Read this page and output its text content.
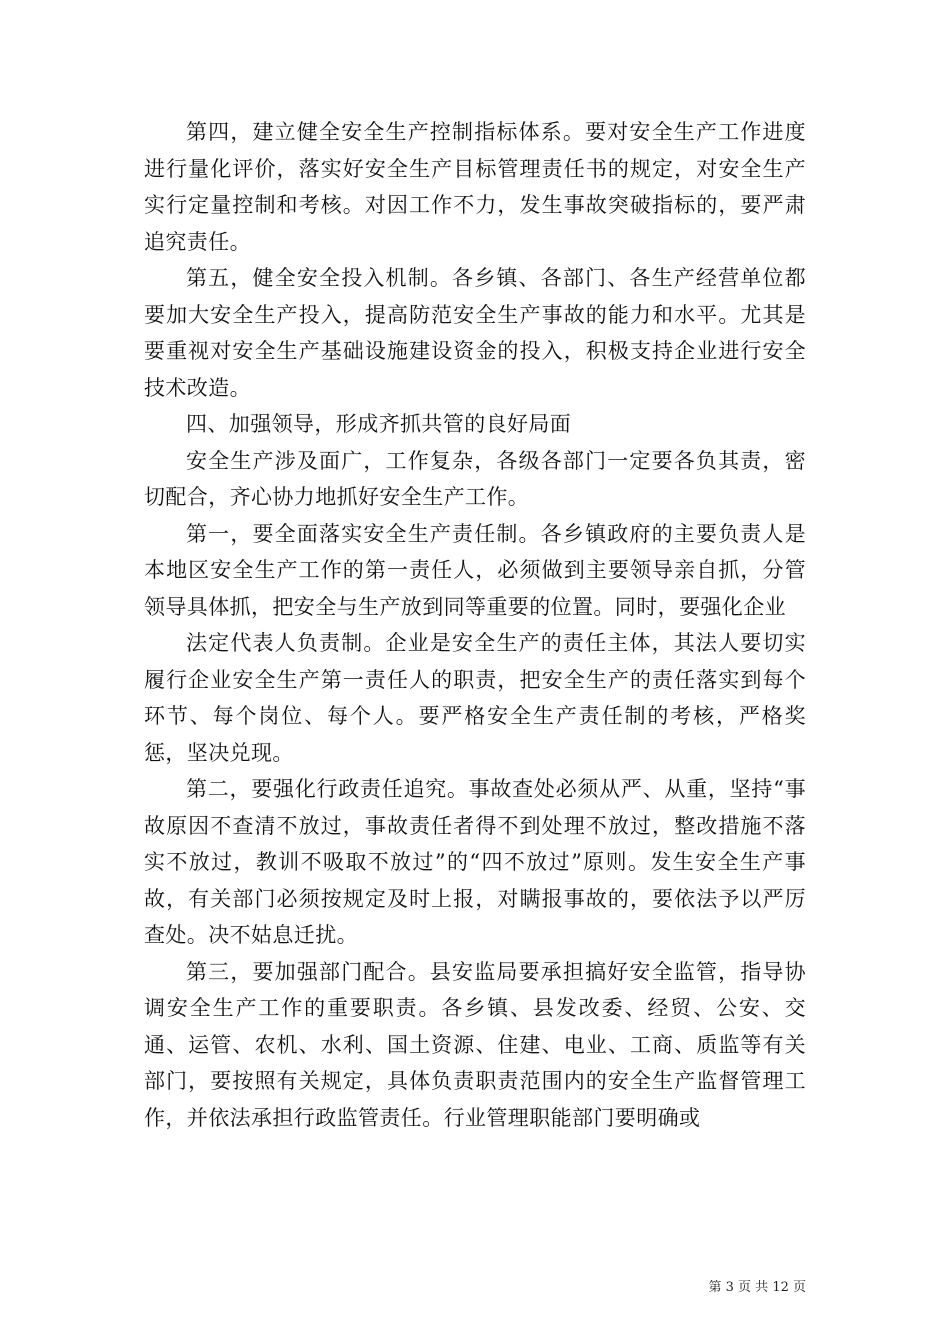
第四，建立健全安全生产控制指标体系。要对安全生产工作进度进行量化评价，落实好安全生产目标管理责任书的规定，对安全生产实行定量控制和考核。对因工作不力，发生事故突破指标的，要严肃追究责任。

第五，健全安全投入机制。各乡镇、各部门、各生产经营单位都要加大安全生产投入，提高防范安全生产事故的能力和水平。尤其是要重视对安全生产基础设施建设资金的投入，积极支持企业进行安全技术改造。

四、加强领导，形成齐抓共管的良好局面

安全生产涉及面广，工作复杂，各级各部门一定要各负其责，密切配合，齐心协力地抓好安全生产工作。

第一，要全面落实安全生产责任制。各乡镇政府的主要负责人是本地区安全生产工作的第一责任人，必须做到主要领导亲自抓，分管领导具体抓，把安全与生产放到同等重要的位置。同时，要强化企业

法定代表人负责制。企业是安全生产的责任主体，其法人要切实履行企业安全生产第一责任人的职责，把安全生产的责任落实到每个环节、每个岗位、每个人。要严格安全生产责任制的考核，严格奖惩，坚决兑现。

第二，要强化行政责任追究。事故查处必须从严、从重，坚持“事故原因不查清不放过，事故责任者得不到处理不放过，整改措施不落实不放过，教训不吸取不放过”的“四不放过”原则。发生安全生产事故，有关部门必须按规定及时上报，对瞒报事故的，要依法予以严厉查处。决不姑息迁扰。

第三，要加强部门配合。县安监局要承担搞好安全监管，指导协调安全生产工作的重要职责。各乡镇、县发改委、经贸、公安、交通、运管、农机、水利、国土资源、住建、电业、工商、质监等有关部门，要按照有关规定，具体负责职责范围内的安全生产监督管理工作，并依法承担行政监管责任。行业管理职能部门要明确或

第 3 页 共 12 页
